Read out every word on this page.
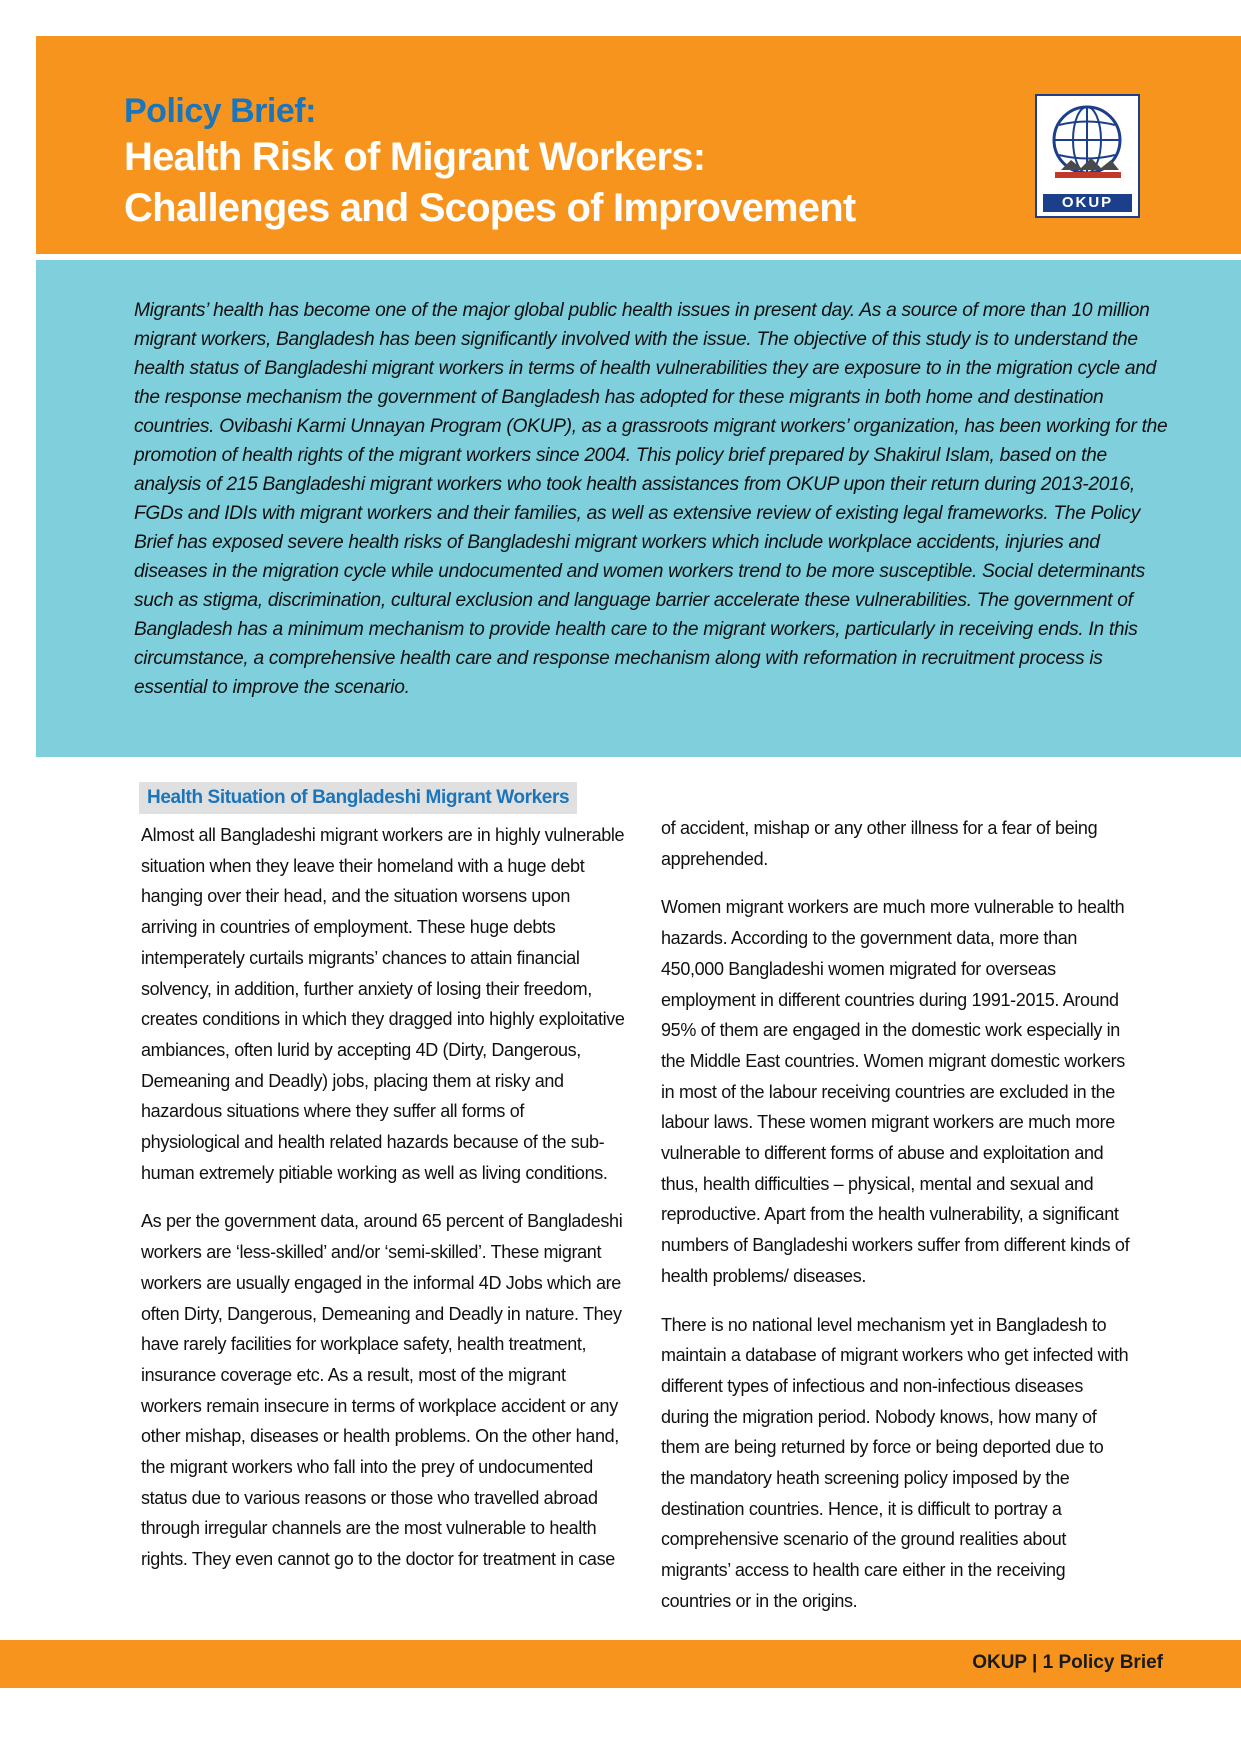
Policy Brief:
Health Risk of Migrant Workers:
Challenges and Scopes of Improvement	OKUP

Migrants’ health has become one of the major global public health issues in present day. As a source of more than 10 million migrant workers, Bangladesh has been significantly involved with the issue. The objective of this study is to understand the health status of Bangladeshi migrant workers in terms of health vulnerabilities they are exposure to in the migration cycle and the response mechanism the government of Bangladesh has adopted for these migrants in both home and destination countries. Ovibashi Karmi Unnayan Program (OKUP), as a grassroots migrant workers’ organization, has been working for the promotion of health rights of the migrant workers since 2004. This policy brief prepared by Shakirul Islam, based on the analysis of 215 Bangladeshi migrant workers who took health assistances from OKUP upon their return during 2013-2016, FGDs and IDIs with migrant workers and their families, as well as extensive review of existing legal frameworks. The Policy Brief has exposed severe health risks of Bangladeshi migrant workers which include workplace accidents, injuries and diseases in the migration cycle while undocumented and women workers trend to be more susceptible. Social determinants such as stigma, discrimination, cultural exclusion and language barrier accelerate these vulnerabilities. The government of Bangladesh has a minimum mechanism to provide health care to the migrant workers, particularly in receiving ends. In this circumstance, a comprehensive health care and response mechanism along with reformation in recruitment process is essential to improve the scenario.

Health Situation of Bangladeshi Migrant Workers

Almost all Bangladeshi migrant workers are in highly vulnerable situation when they leave their homeland with a huge debt hanging over their head, and the situation worsens upon arriving in countries of employment. These huge debts intemperately curtails migrants’ chances to attain financial solvency, in addition, further anxiety of losing their freedom, creates conditions in which they dragged into highly exploitative ambiances, often lurid by accepting 4D (Dirty, Dangerous, Demeaning and Deadly) jobs, placing them at risky and hazardous situations where they suffer all forms of physiological and health related hazards because of the sub-human extremely pitiable working as well as living conditions.

As per the government data, around 65 percent of Bangladeshi workers are ‘less-skilled’ and/or ‘semi-skilled’. These migrant workers are usually engaged in the informal 4D Jobs which are often Dirty, Dangerous, Demeaning and Deadly in nature. They have rarely facilities for workplace safety, health treatment, insurance coverage etc. As a result, most of the migrant workers remain insecure in terms of workplace accident or any other mishap, diseases or health problems. On the other hand, the migrant workers who fall into the prey of undocumented status due to various reasons or those who travelled abroad through irregular channels are the most vulnerable to health rights. They even cannot go to the doctor for treatment in case

of accident, mishap or any other illness for a fear of being apprehended.

Women migrant workers are much more vulnerable to health hazards. According to the government data, more than 450,000 Bangladeshi women migrated for overseas employment in different countries during 1991-2015. Around 95% of them are engaged in the domestic work especially in the Middle East countries. Women migrant domestic workers in most of the labour receiving countries are excluded in the labour laws. These women migrant workers are much more vulnerable to different forms of abuse and exploitation and thus, health difficulties – physical, mental and sexual and reproductive. Apart from the health vulnerability, a significant numbers of Bangladeshi workers suffer from different kinds of health problems/ diseases.

There is no national level mechanism yet in Bangladesh to maintain a database of migrant workers who get infected with different types of infectious and non-infectious diseases during the migration period. Nobody knows, how many of them are being returned by force or being deported due to the mandatory heath screening policy imposed by the destination countries. Hence, it is difficult to portray a comprehensive scenario of the ground realities about migrants’ access to health care either in the receiving countries or in the origins.

OKUP | 1 Policy Brief
